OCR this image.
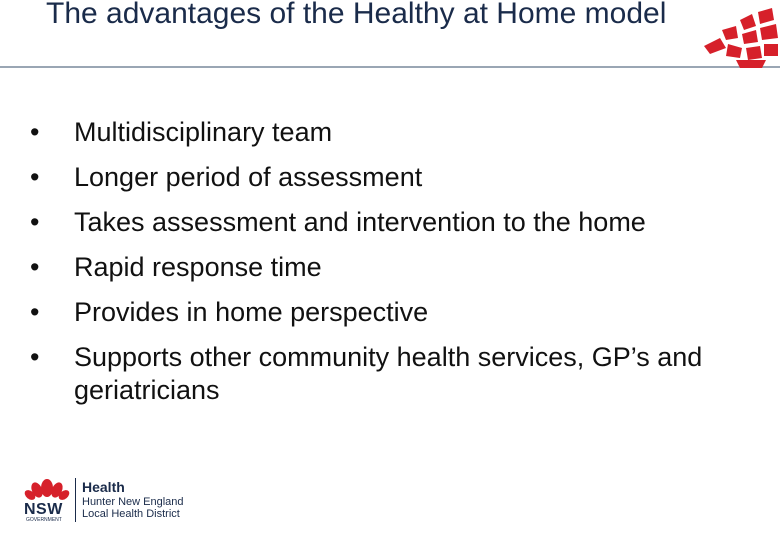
The advantages of the Healthy at Home model
•	Multidisciplinary team
•	Longer period of assessment
•	Takes assessment and intervention to the home
•	Rapid response time
•	Provides in home perspective
•	Supports other community health services, GP’s and geriatricians
NSW
GOVERNMENT
Health
Hunter New England
Local Health District
